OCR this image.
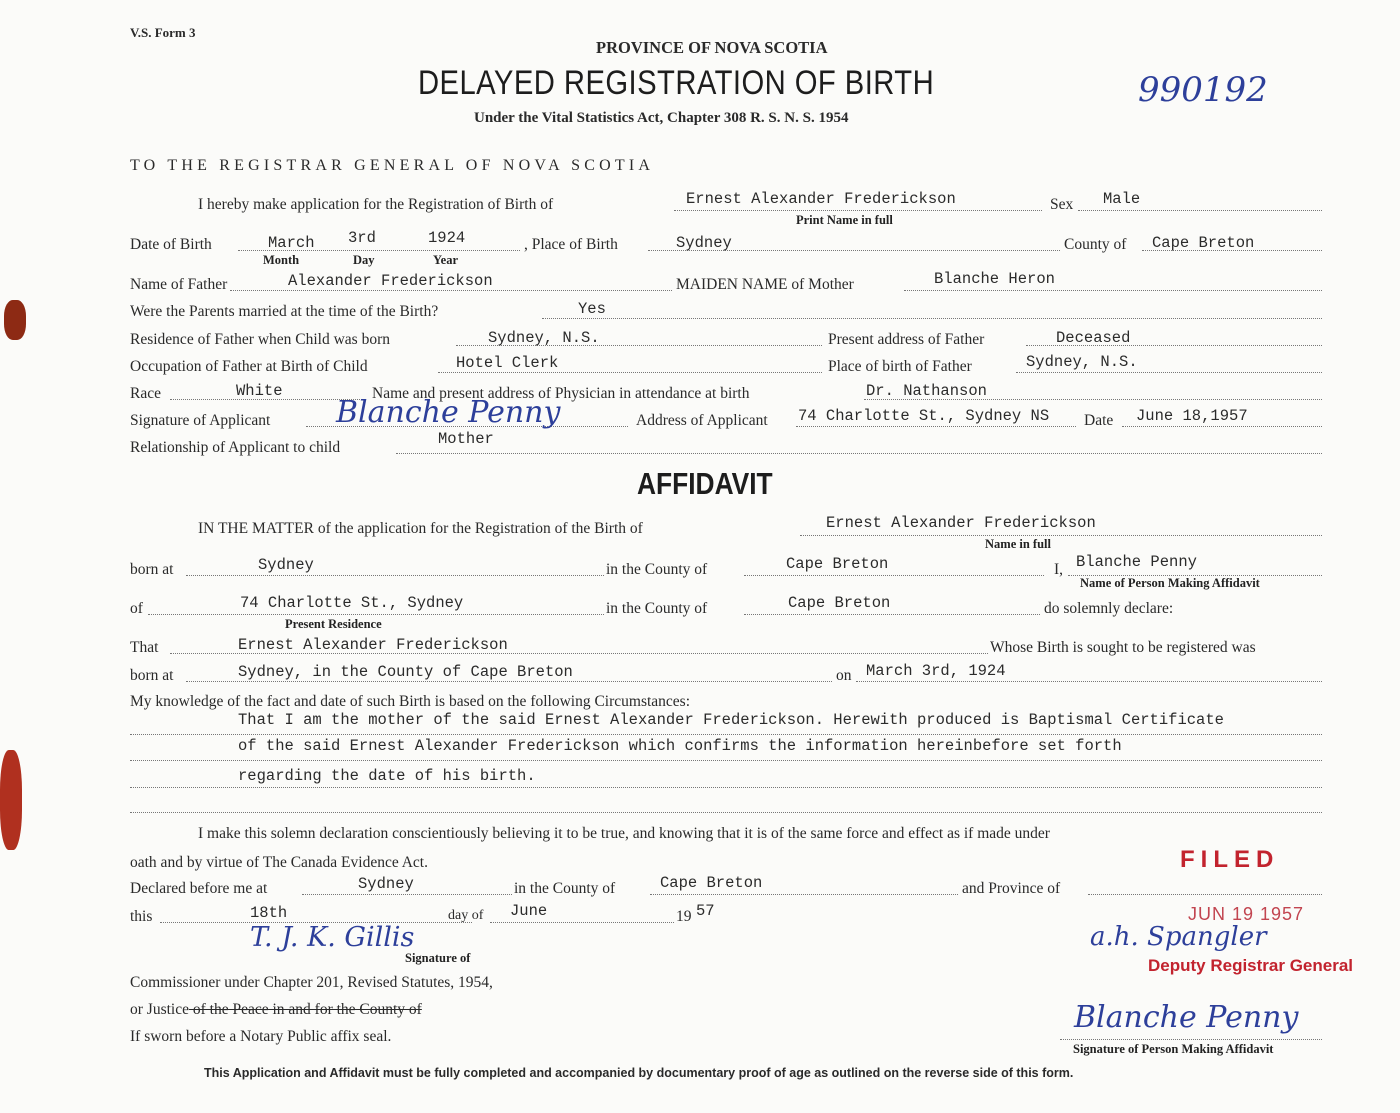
V.S. Form 3
990192
PROVINCE OF NOVA SCOTIA
DELAYED REGISTRATION OF BIRTH
Under the Vital Statistics Act, Chapter 308 R. S. N. S. 1954
TO THE REGISTRAR GENERAL OF NOVA SCOTIA
I hereby make application for the Registration of Birth of	Ernest Alexander Frederickson	Sex Male
Print Name in full
Date of Birth	March 3rd	1924
Month	Day	Year
, Place of Birth	Sydney	County of Cape Breton
Name of Father	Alexander Frederickson	MAIDEN NAME of Mother	Blanche Heron
Were the Parents married at the time of the Birth?	Yes
Residence of Father when Child was born	Sydney, N.S.	Present address of Father	Deceased
Occupation of Father at Birth of Child	Hotel Clerk	Place of birth of Father	Sydney, N.S.
Race	White	Name and present address of Physician in attendance at birth	Dr. Nathanson
Signature of Applicant Blanche Penny	Address of Applicant 74 Charlotte St., Sydney NS Date June 18,1957
Relationship of Applicant to child	Mother
AFFIDAVIT
IN THE MATTER of the application for the Registration of the Birth of	Ernest Alexander Frederickson
Name in full
born at	Sydney	in the County of	Cape Breton	I, Blanche Penny
Name of Person Making Affidavit
of	74 Charlotte St., Sydney
Present Residence
in the County of	Cape Breton	do solemnly declare:
That	Ernest Alexander Frederickson	Whose Birth is sought to be registered was
born at	Sydney, in the County of Cape Breton	on March 3rd, 1924
My knowledge of the fact and date of such Birth is based on the following Circumstances:
That I am the mother of the said Ernest Alexander Frederickson. Herewith produced is Baptismal Certificate
of the said Ernest Alexander Frederickson which confirms the information hereinbefore set forth
regarding the date of his birth.
I make this solemn declaration conscientiously believing it to be true, and knowing that it is of the same force and effect as if made under
oath and by virtue of The Canada Evidence Act.	FILED
Declared before me at	Sydney	in the County of	Cape Breton	and Province of
this	18th	day of June	19 57
T. J. K. Gillis
Signature of
Commissioner under Chapter 201, Revised Statutes, 1954,
or Justice of the Peace in and for the County of
If sworn before a Notary Public affix seal.
JUN 19 1957
a.h. Spangler
Deputy Registrar General
Blanche Penny
Signature of Person Making Affidavit
This Application and Affidavit must be fully completed and accompanied by documentary proof of age as outlined on the reverse side of this form.
